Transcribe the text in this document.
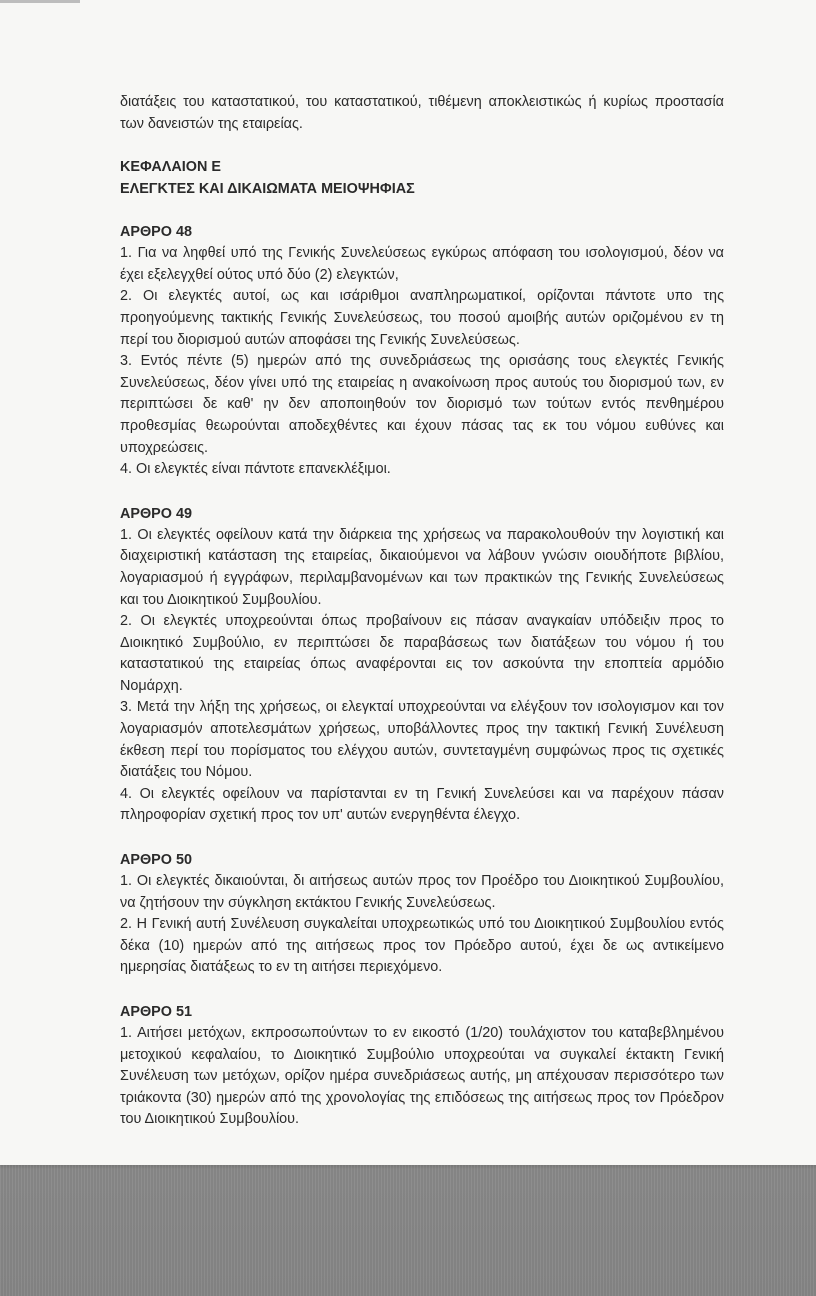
διατάξεις του καταστατικού, του καταστατικού, τιθέμενη αποκλειστικώς ή κυρίως προστασία των δανειστών της εταιρείας.

ΚΕΦΑΛΑΙΟΝ Ε

ΕΛΕΓΚΤΕΣ ΚΑΙ ΔΙΚΑΙΩΜΑΤΑ ΜΕΙΟΨΗΦΙΑΣ

ΑΡΘΡΟ 48

1. Για να ληφθεί υπό της Γενικής Συνελεύσεως εγκύρως απόφαση του ισολογισμού, δέον να έχει εξελεγχθεί ούτος υπό δύο (2) ελεγκτών,

2. Οι ελεγκτές αυτοί, ως και ισάριθμοι αναπληρωματικοί, ορίζονται πάντοτε υπο της προηγούμενης τακτικής Γενικής Συνελεύσεως, του ποσού αμοιβής αυτών οριζομένου εν τη περί του διορισμού αυτών αποφάσει της Γενικής Συνελεύσεως.

3. Εντός πέντε (5) ημερών από της συνεδριάσεως της ορισάσης τους ελεγκτές Γενικής Συνελεύσεως, δέον γίνει υπό της εταιρείας η ανακοίνωση προς αυτούς του διορισμού των, εν περιπτώσει δε καθ' ην δεν αποποιηθούν τον διορισμό των τούτων εντός πενθημέρου προθεσμίας θεωρούνται αποδεχθέντες και έχουν πάσας τας εκ του νόμου ευθύνες και υποχρεώσεις.

4. Οι ελεγκτές είναι πάντοτε επανεκλέξιμοι.

ΑΡΘΡΟ 49

1. Οι ελεγκτές οφείλουν κατά την διάρκεια της χρήσεως να παρακολουθούν την λογιστική και διαχειριστική κατάσταση της εταιρείας, δικαιούμενοι να λάβουν γνώσιν οιουδήποτε βιβλίου, λογαριασμού ή εγγράφων, περιλαμβανομένων και των πρακτικών της Γενικής Συνελεύσεως και του Διοικητικού Συμβουλίου.

2. Οι ελεγκτές υποχρεούνται όπως προβαίνουν εις πάσαν αναγκαίαν υπόδειξιν προς το Διοικητικό Συμβούλιο, εν περιπτώσει δε παραβάσεως των διατάξεων του νόμου ή του καταστατικού της εταιρείας όπως αναφέρονται εις τον ασκούντα την εποπτεία αρμόδιο Νομάρχη.

3. Μετά την λήξη της χρήσεως, οι ελεγκταί υποχρεούνται να ελέγξουν τον ισολογισμον και τον λογαριασμόν αποτελεσμάτων χρήσεως, υποβάλλοντες προς την τακτική Γενική Συνέλευση έκθεση περί του πορίσματος του ελέγχου αυτών, συντεταγμένη συμφώνως προς τις σχετικές διατάξεις του Νόμου.

4. Οι ελεγκτές οφείλουν να παρίστανται εν τη Γενική Συνελεύσει και να παρέχουν πάσαν πληροφορίαν σχετική προς τον υπ' αυτών ενεργηθέντα έλεγχο.

ΑΡΘΡΟ 50

1. Οι ελεγκτές δικαιούνται, δι αιτήσεως αυτών προς τον Προέδρο του Διοικητικού Συμβουλίου, να ζητήσουν την σύγκληση εκτάκτου Γενικής Συνελεύσεως.

2. Η Γενική αυτή Συνέλευση συγκαλείται υποχρεωτικώς υπό του Διοικητικού Συμβουλίου εντός δέκα (10) ημερών από της αιτήσεως προς τον Πρόεδρο αυτού, έχει δε ως αντικείμενο ημερησίας διατάξεως το εν τη αιτήσει περιεχόμενο.

ΑΡΘΡΟ 51

1. Αιτήσει μετόχων, εκπροσωπούντων το εν εικοστό (1/20) τουλάχιστον του καταβεβλημένου μετοχικού κεφαλαίου, το Διοικητικό Συμβούλιο υποχρεούται να συγκαλεί έκτακτη Γενική Συνέλευση των μετόχων, ορίζον ημέρα συνεδριάσεως αυτής, μη απέχουσαν περισσότερο των τριάκοντα (30) ημερών από της χρονολογίας της επιδόσεως της αιτήσεως προς τον Πρόεδρον του Διοικητικού Συμβουλίου.
